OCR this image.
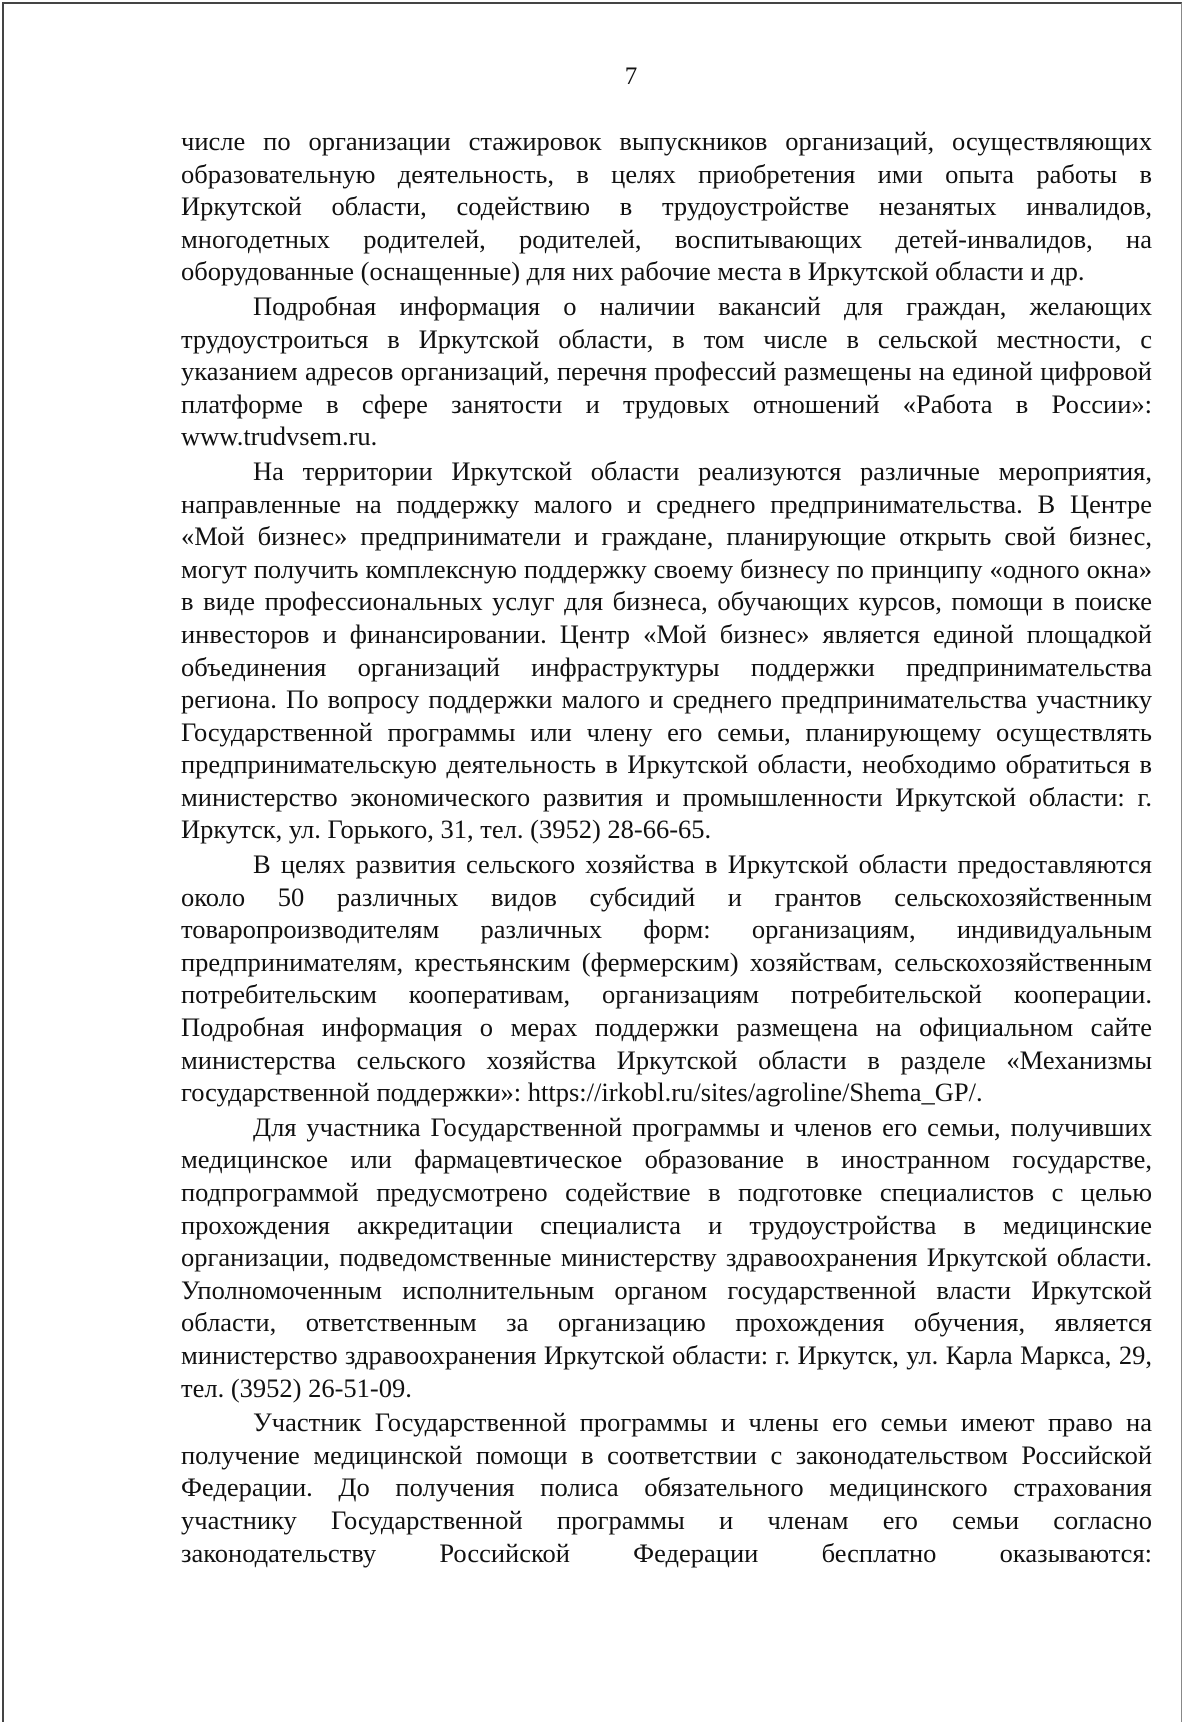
7

числе по организации стажировок выпускников организаций, осуществляющих образовательную деятельность, в целях приобретения ими опыта работы в Иркутской области, содействию в трудоустройстве незанятых инвалидов, многодетных родителей, родителей, воспитывающих детей-инвалидов, на оборудованные (оснащенные) для них рабочие места в Иркутской области и др.

Подробная информация о наличии вакансий для граждан, желающих трудоустроиться в Иркутской области, в том числе в сельской местности, с указанием адресов организаций, перечня профессий размещены на единой цифровой платформе в сфере занятости и трудовых отношений «Работа в России»: www.trudvsem.ru.

На территории Иркутской области реализуются различные мероприятия, направленные на поддержку малого и среднего предпринимательства. В Центре «Мой бизнес» предприниматели и граждане, планирующие открыть свой бизнес, могут получить комплексную поддержку своему бизнесу по принципу «одного окна» в виде профессиональных услуг для бизнеса, обучающих курсов, помощи в поиске инвесторов и финансировании. Центр «Мой бизнес» является единой площадкой объединения организаций инфраструктуры поддержки предпринимательства региона. По вопросу поддержки малого и среднего предпринимательства участнику Государственной программы или члену его семьи, планирующему осуществлять предпринимательскую деятельность в Иркутской области, необходимо обратиться в министерство экономического развития и промышленности Иркутской области: г. Иркутск, ул. Горького, 31, тел. (3952) 28-66-65.

В целях развития сельского хозяйства в Иркутской области предоставляются около 50 различных видов субсидий и грантов сельскохозяйственным товаропроизводителям различных форм: организациям, индивидуальным предпринимателям, крестьянским (фермерским) хозяйствам, сельскохозяйственным потребительским кооперативам, организациям потребительской кооперации. Подробная информация о мерах поддержки размещена на официальном сайте министерства сельского хозяйства Иркутской области в разделе «Механизмы государственной поддержки»: https://irkobl.ru/sites/agroline/Shema_GP/.

Для участника Государственной программы и членов его семьи, получивших медицинское или фармацевтическое образование в иностранном государстве, подпрограммой предусмотрено содействие в подготовке специалистов с целью прохождения аккредитации специалиста и трудоустройства в медицинские организации, подведомственные министерству здравоохранения Иркутской области. Уполномоченным исполнительным органом государственной власти Иркутской области, ответственным за организацию прохождения обучения, является министерство здравоохранения Иркутской области: г. Иркутск, ул. Карла Маркса, 29, тел. (3952) 26-51-09.

Участник Государственной программы и члены его семьи имеют право на получение медицинской помощи в соответствии с законодательством Российской Федерации. До получения полиса обязательного медицинского страхования участнику Государственной программы и членам его семьи согласно законодательству Российской Федерации бесплатно оказываются:
